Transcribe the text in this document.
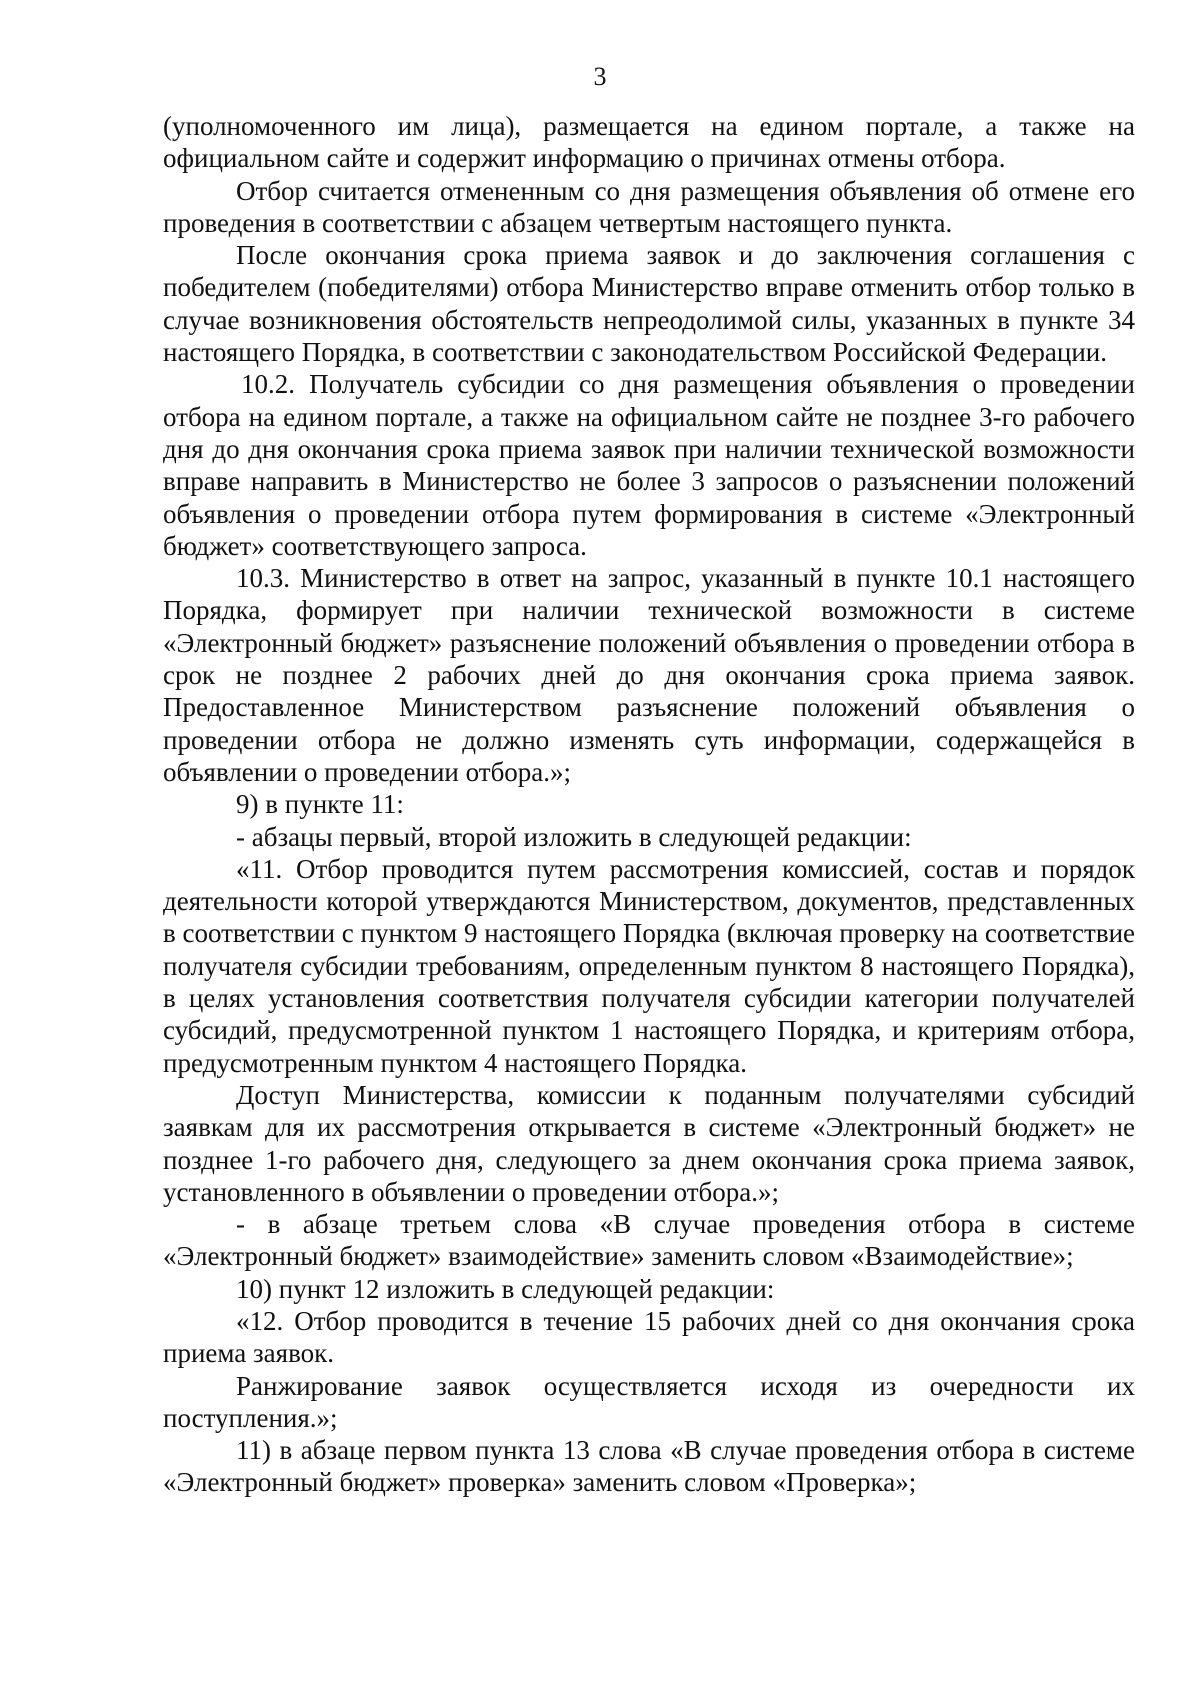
3

(уполномоченного им лица), размещается на едином портале, а также на официальном сайте и содержит информацию о причинах отмены отбора.

Отбор считается отмененным со дня размещения объявления об отмене его проведения в соответствии с абзацем четвертым настоящего пункта.

После окончания срока приема заявок и до заключения соглашения с победителем (победителями) отбора Министерство вправе отменить отбор только в случае возникновения обстоятельств непреодолимой силы, указанных в пункте 34 настоящего Порядка, в соответствии с законодательством Российской Федерации.

10.2. Получатель субсидии со дня размещения объявления о проведении отбора на едином портале, а также на официальном сайте не позднее 3-го рабочего дня до дня окончания срока приема заявок при наличии технической возможности вправе направить в Министерство не более 3 запросов о разъяснении положений объявления о проведении отбора путем формирования в системе «Электронный бюджет» соответствующего запроса.

10.3. Министерство в ответ на запрос, указанный в пункте 10.1 настоящего Порядка, формирует при наличии технической возможности в системе «Электронный бюджет» разъяснение положений объявления о проведении отбора в срок не позднее 2 рабочих дней до дня окончания срока приема заявок. Предоставленное Министерством разъяснение положений объявления о проведении отбора не должно изменять суть информации, содержащейся в объявлении о проведении отбора.»;

9) в пункте 11:

- абзацы первый, второй изложить в следующей редакции:

«11. Отбор проводится путем рассмотрения комиссией, состав и порядок деятельности которой утверждаются Министерством, документов, представленных в соответствии с пунктом 9 настоящего Порядка (включая проверку на соответствие получателя субсидии требованиям, определенным пунктом 8 настоящего Порядка), в целях установления соответствия получателя субсидии категории получателей субсидий, предусмотренной пунктом 1 настоящего Порядка, и критериям отбора, предусмотренным пунктом 4 настоящего Порядка.

Доступ Министерства, комиссии к поданным получателями субсидий заявкам для их рассмотрения открывается в системе «Электронный бюджет» не позднее 1-го рабочего дня, следующего за днем окончания срока приема заявок, установленного в объявлении о проведении отбора.»;

- в абзаце третьем слова «В случае проведения отбора в системе «Электронный бюджет» взаимодействие» заменить словом «Взаимодействие»;

10) пункт 12 изложить в следующей редакции:

«12. Отбор проводится в течение 15 рабочих дней со дня окончания срока приема заявок.

Ранжирование заявок осуществляется исходя из очередности их поступления.»;

11) в абзаце первом пункта 13 слова «В случае проведения отбора в системе «Электронный бюджет» проверка» заменить словом «Проверка»;
